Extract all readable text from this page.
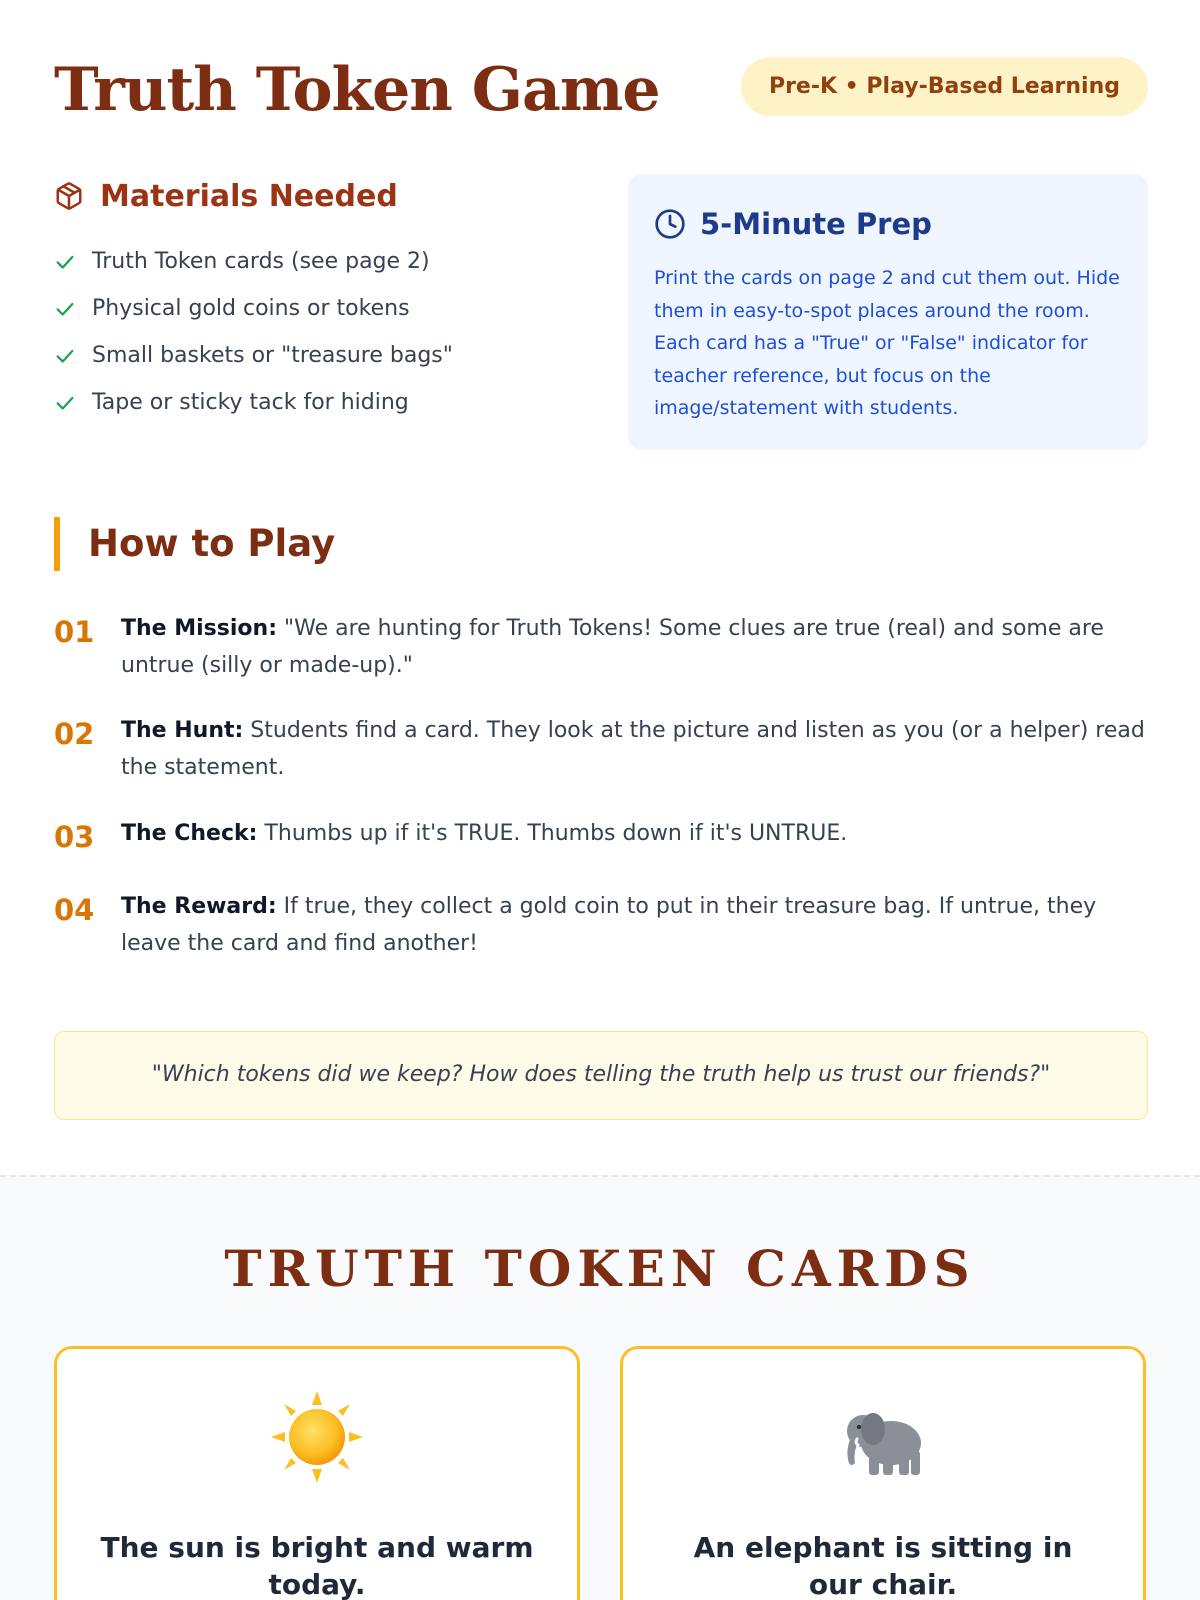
Truth Token Game	Pre-K • Play-Based Learning
Materials Needed
Truth Token cards (see page 2)
Physical gold coins or tokens
Small baskets or "treasure bags"
Tape or sticky tack for hiding
5-Minute Prep

Print the cards on page 2 and cut them out. Hide them in easy-to-spot places around the room. Each card has a "True" or "False" indicator for teacher reference, but focus on the image/statement with students.

How to Play
01	The Mission: "We are hunting for Truth Tokens! Some clues are true (real) and some are untrue (silly or made-up)."
02	The Hunt: Students find a card. They look at the picture and listen as you (or a helper) read the statement.
03	The Check: Thumbs up if it's TRUE. Thumbs down if it's UNTRUE.
04	The Reward: If true, they collect a gold coin to put in their treasure bag. If untrue, they leave the card and find another!
"Which tokens did we keep? How does telling the truth help us trust our friends?"
TRUTH TOKEN CARDS

The sun is bright and warm today.

An elephant is sitting in our chair.
